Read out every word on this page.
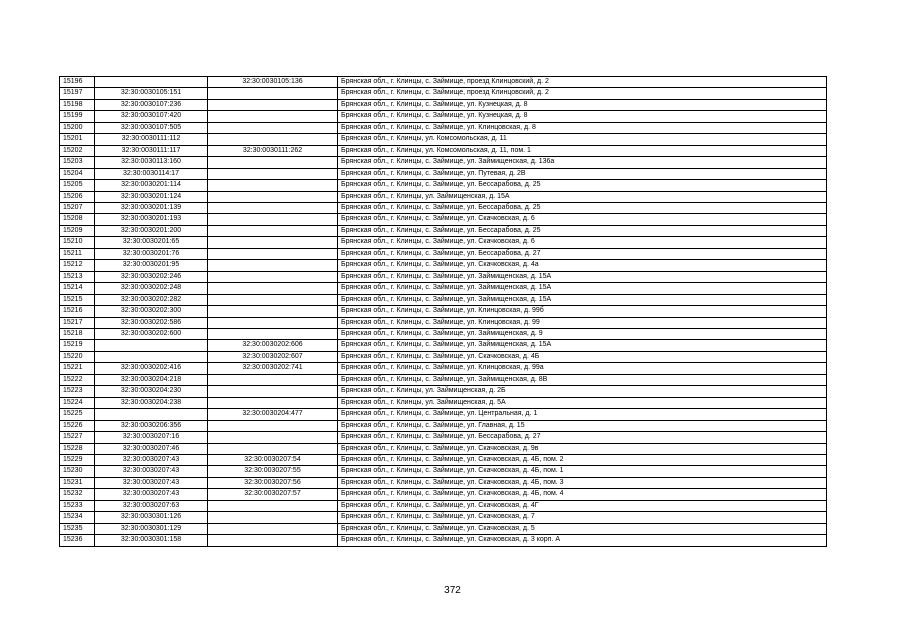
15196		32:30:0030105:136	Брянская обл., г. Клинцы, с. Займище, проезд Клинцовский, д. 2
15197	32:30:0030105:151		Брянская обл., г. Клинцы, с. Займище, проезд Клинцовский, д. 2
15198	32:30:0030107:236		Брянская обл., г. Клинцы, с. Займище, ул. Кузнецкая, д. 8
15199	32:30:0030107:420		Брянская обл., г. Клинцы, с. Займище, ул. Кузнецкая, д. 8
15200	32:30:0030107:505		Брянская обл., г. Клинцы, с. Займище, ул. Клинцовская, д. 8
15201	32:30:0030111:112		Брянская обл., г. Клинцы, ул. Комсомольская, д. 11
15202	32:30:0030111:117	32:30:0030111:262	Брянская обл., г. Клинцы, ул. Комсомольская, д. 11, пом. 1
15203	32:30:0030113:160		Брянская обл., г. Клинцы, с. Займище, ул. Займищенская, д. 136а
15204	32:30:0030114:17		Брянская обл., г. Клинцы, с. Займище, ул. Путевая, д. 2В
15205	32:30:0030201:114		Брянская обл., г. Клинцы, с. Займище, ул. Бессарабова, д. 25
15206	32:30:0030201:124		Брянская обл., г. Клинцы, ул. Займищенская, д. 15А
15207	32:30:0030201:139		Брянская обл., г. Клинцы, с. Займище, ул. Бессарабова, д. 25
15208	32:30:0030201:193		Брянская обл., г. Клинцы, с. Займище, ул. Скачковская, д. 6
15209	32:30:0030201:200		Брянская обл., г. Клинцы, с. Займище, ул. Бессарабова, д. 25
15210	32:30:0030201:65		Брянская обл., г. Клинцы, с. Займище, ул. Скачковская, д. 6
15211	32:30:0030201:76		Брянская обл., г. Клинцы, с. Займище, ул. Бессарабова, д. 27
15212	32:30:0030201:95		Брянская обл., г. Клинцы, с. Займище, ул. Скачковская, д. 4а
15213	32:30:0030202:246		Брянская обл., г. Клинцы, с. Займище, ул. Займищенская, д. 15А
15214	32:30:0030202:248		Брянская обл., г. Клинцы, с. Займище, ул. Займищенская, д. 15А
15215	32:30:0030202:282		Брянская обл., г. Клинцы, с. Займище, ул. Займищенская, д. 15А
15216	32:30:0030202:300		Брянская обл., г. Клинцы, с. Займище, ул. Клинцовская, д. 99б
15217	32:30:0030202:586		Брянская обл., г. Клинцы, с. Займище, ул. Клинцовская, д. 99
15218	32:30:0030202:600		Брянская обл., г. Клинцы, с. Займище, ул. Займищенская, д. 9
15219		32:30:0030202:606	Брянская обл., г. Клинцы, с. Займище, ул. Займищенская, д. 15А
15220		32:30:0030202:607	Брянская обл., г. Клинцы, с. Займище, ул. Скачковская, д. 4Б
15221	32:30:0030202:416	32:30:0030202:741	Брянская обл., г. Клинцы, с. Займище, ул. Клинцовская, д. 99а
15222	32:30:0030204:218		Брянская обл., г. Клинцы, с. Займище, ул. Займищенская, д. 8В
15223	32:30:0030204:230		Брянская обл., г. Клинцы, ул. Займищенская, д. 2Б
15224	32:30:0030204:238		Брянская обл., г. Клинцы, ул. Займищенская, д. 5А
15225		32:30:0030204:477	Брянская обл., г. Клинцы, с. Займище, ул. Центральная, д. 1
15226	32:30:0030206:356		Брянская обл., г. Клинцы, с. Займище, ул. Главная, д. 15
15227	32:30:0030207:16		Брянская обл., г. Клинцы, с. Займище, ул. Бессарабова, д. 27
15228	32:30:0030207:46		Брянская обл., г. Клинцы, с. Займище, ул. Скачковская, д. 9в
15229	32:30:0030207:43	32:30:0030207:54	Брянская обл., г. Клинцы, с. Займище, ул. Скачковская, д. 4Б, пом. 2
15230	32:30:0030207:43	32:30:0030207:55	Брянская обл., г. Клинцы, с. Займище, ул. Скачковская, д. 4Б, пом. 1
15231	32:30:0030207:43	32:30:0030207:56	Брянская обл., г. Клинцы, с. Займище, ул. Скачковская, д. 4Б, пом. 3
15232	32:30:0030207:43	32:30:0030207:57	Брянская обл., г. Клинцы, с. Займище, ул. Скачковская, д. 4Б, пом. 4
15233	32:30:0030207:63		Брянская обл., г. Клинцы, с. Займище, ул. Скачковская, д. 4Г
15234	32:30:0030301:126		Брянская обл., г. Клинцы, с. Займище, ул. Скачковская, д. 7
15235	32:30:0030301:129		Брянская обл., г. Клинцы, с. Займище, ул. Скачковская, д. 5
15236	32:30:0030301:158		Брянская обл., г. Клинцы, с. Займище, ул. Скачковская, д. 3 корп. А
372
